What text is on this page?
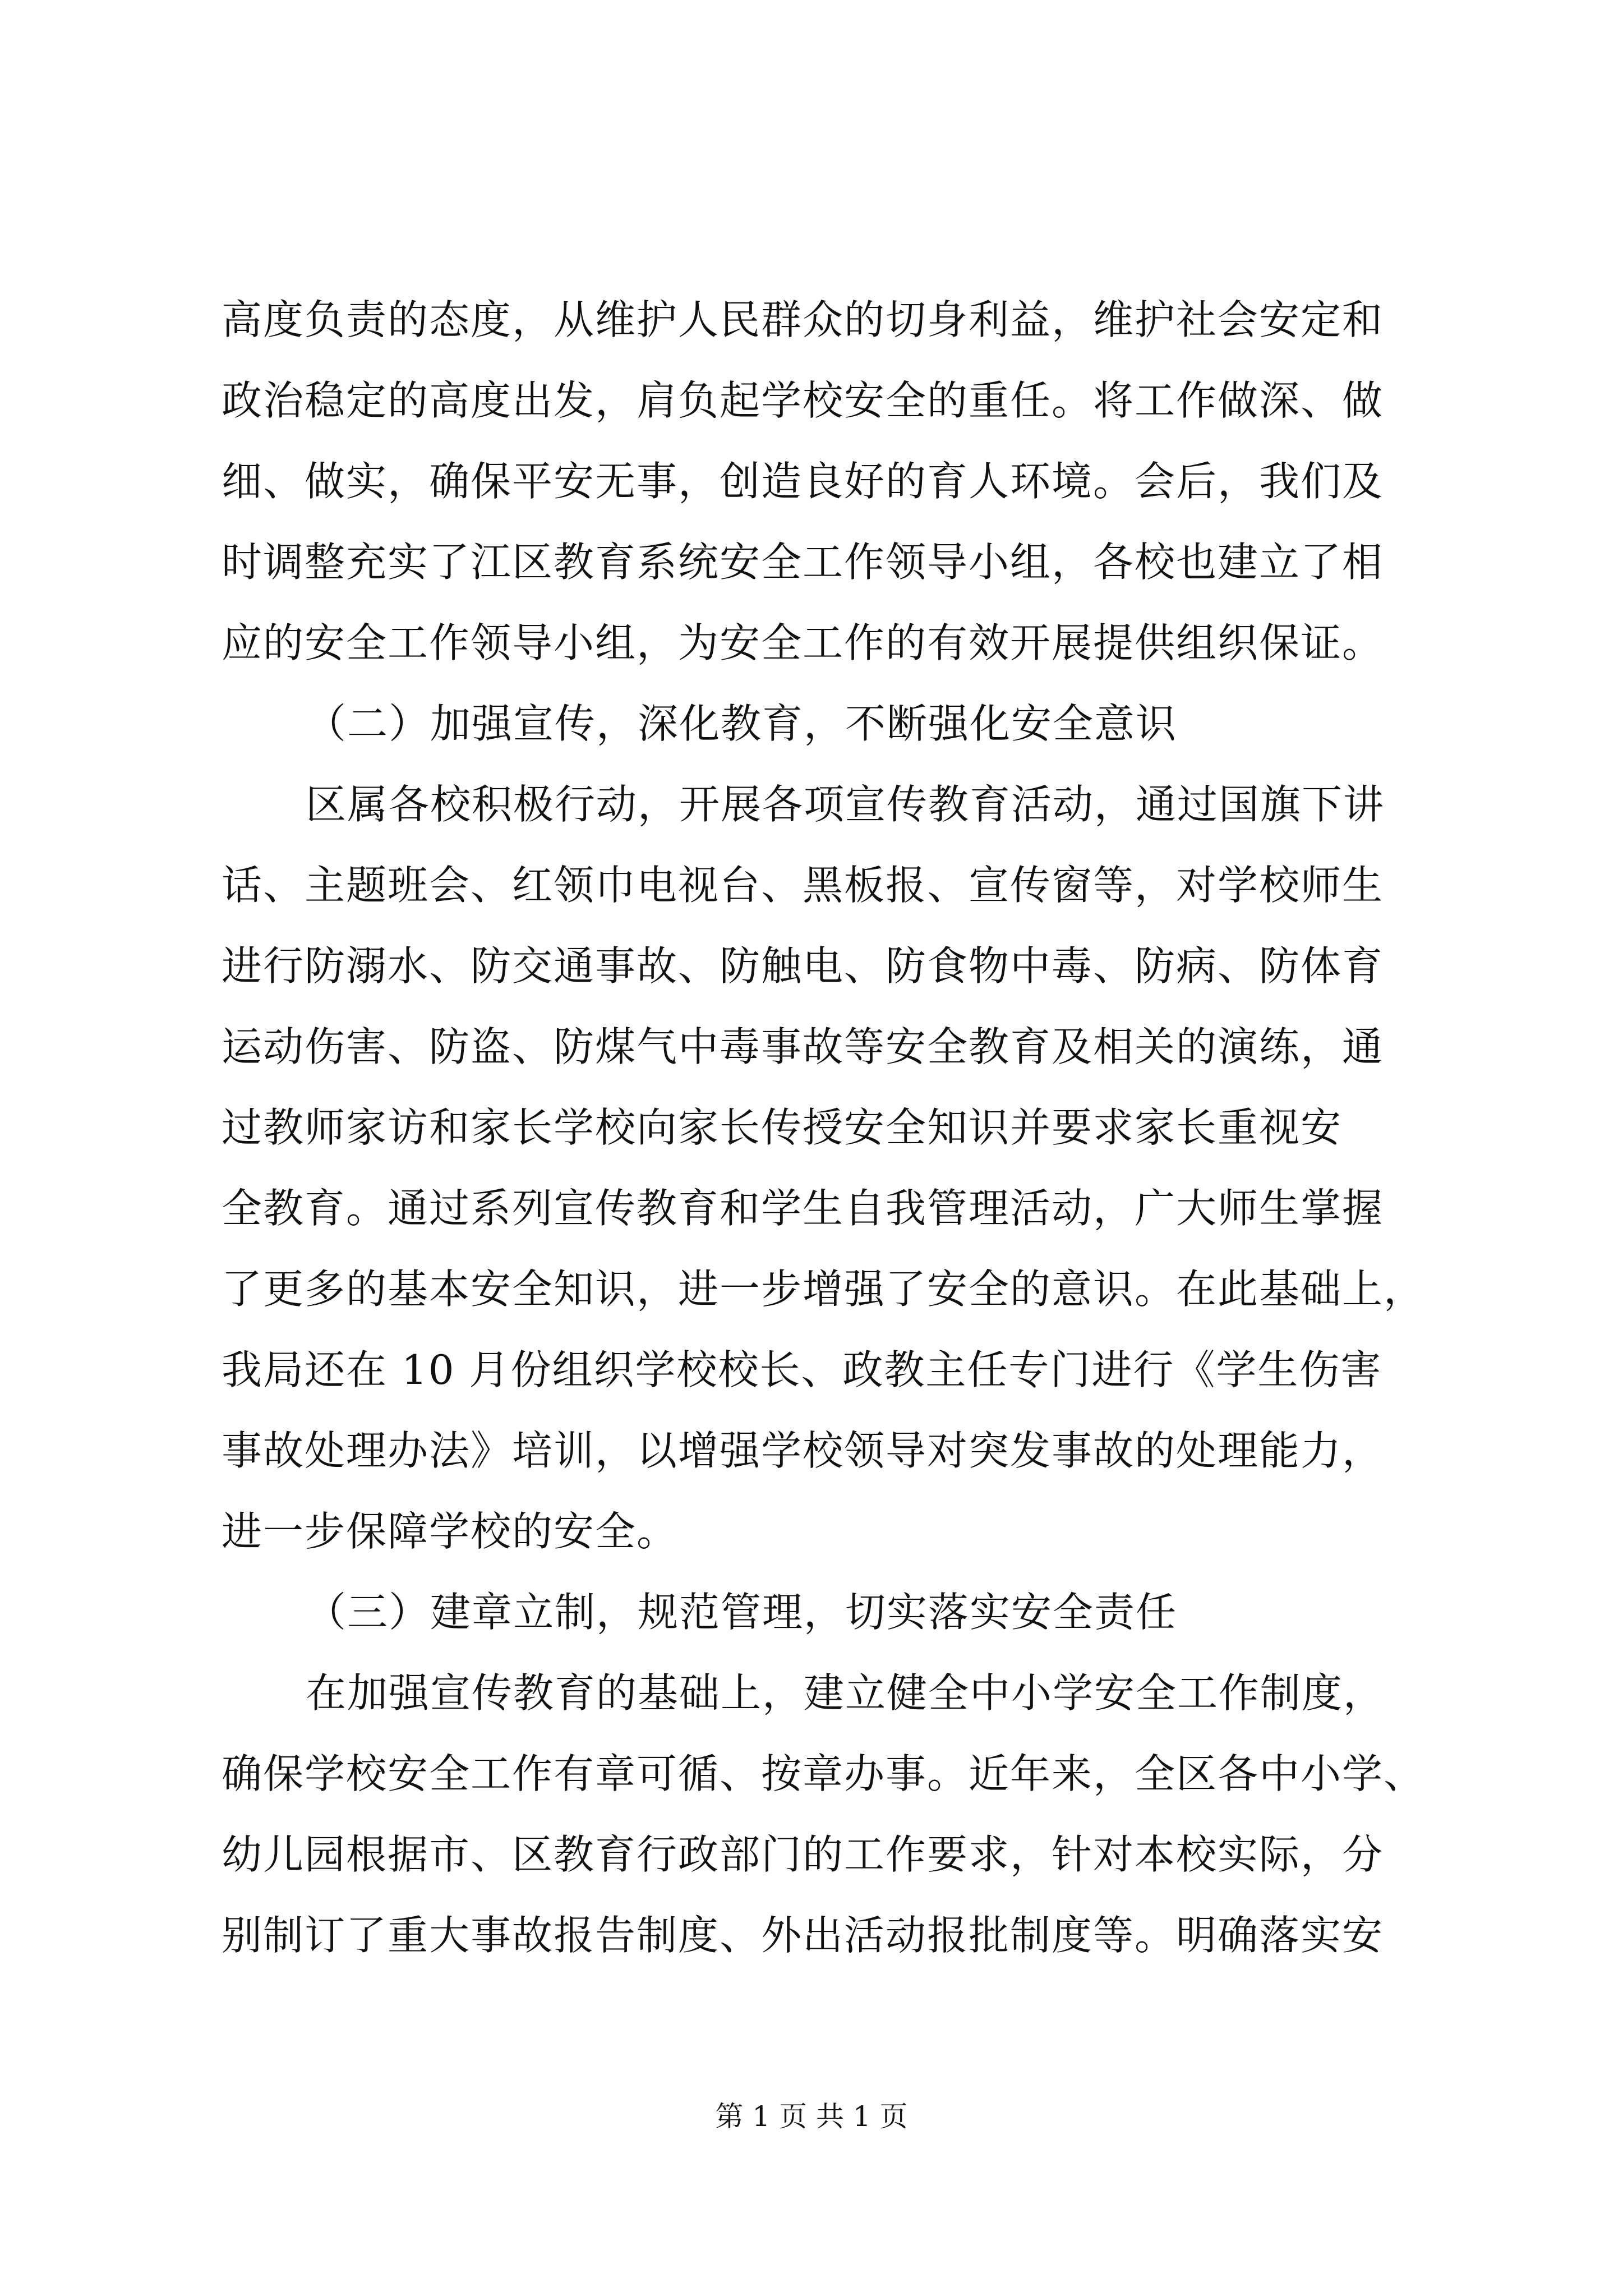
高度负责的态度，从维护人民群众的切身利益，维护社会安定和
政治稳定的高度出发，肩负起学校安全的重任。将工作做深、做
细、做实，确保平安无事，创造良好的育人环境。会后，我们及
时调整充实了江区教育系统安全工作领导小组，各校也建立了相
应的安全工作领导小组，为安全工作的有效开展提供组织保证。
（二）加强宣传，深化教育，不断强化安全意识
区属各校积极行动，开展各项宣传教育活动，通过国旗下讲
话、主题班会、红领巾电视台、黑板报、宣传窗等，对学校师生
进行防溺水、防交通事故、防触电、防食物中毒、防病、防体育
运动伤害、防盗、防煤气中毒事故等安全教育及相关的演练，通
过教师家访和家长学校向家长传授安全知识并要求家长重视安
全教育。通过系列宣传教育和学生自我管理活动，广大师生掌握
了更多的基本安全知识，进一步增强了安全的意识。在此基础上，
我局还在 10 月份组织学校校长、政教主任专门进行《学生伤害
事故处理办法》培训，以增强学校领导对突发事故的处理能力，
进一步保障学校的安全。
（三）建章立制，规范管理，切实落实安全责任
在加强宣传教育的基础上，建立健全中小学安全工作制度，
确保学校安全工作有章可循、按章办事。近年来，全区各中小学、
幼儿园根据市、区教育行政部门的工作要求，针对本校实际，分
别制订了重大事故报告制度、外出活动报批制度等。明确落实安
第 1 页 共 1 页
